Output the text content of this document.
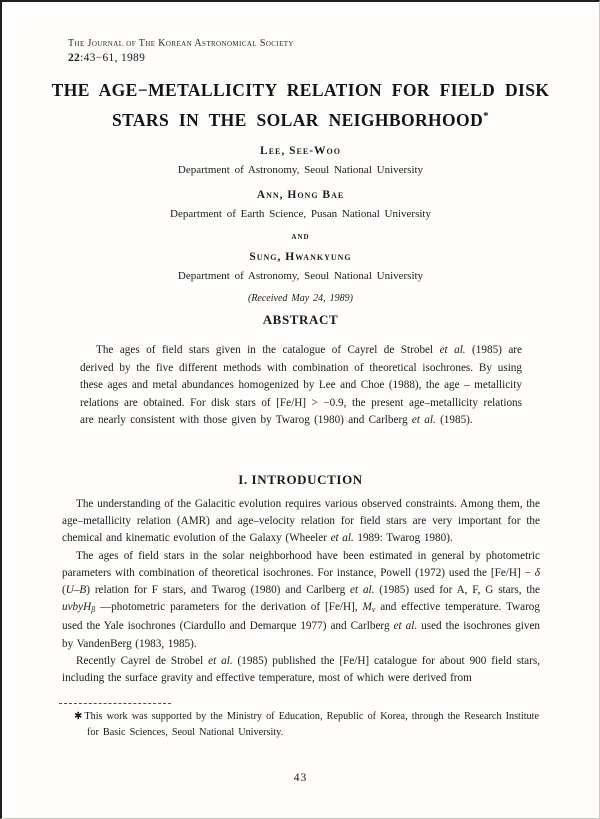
The Journal of The Korean Astronomical Society
22:43−61, 1989
THE AGE−METALLICITY RELATION FOR FIELD DISK
STARS IN THE SOLAR NEIGHBORHOOD*
Lee, See-Woo
Department of Astronomy, Seoul National University
Ann, Hong Bae
Department of Earth Science, Pusan National University
and
Sung, Hwankyung
Department of Astronomy, Seoul National University
(Received May 24, 1989)
ABSTRACT
The ages of field stars given in the catalogue of Cayrel de Strobel et al. (1985) are derived by the five different methods with combination of theoretical isochrones. By using these ages and metal abundances homogenized by Lee and Choe (1988), the age – metallicity relations are obtained. For disk stars of [Fe/H] > −0.9, the present age–metallicity relations are nearly consistent with those given by Twarog (1980) and Carlberg et al. (1985).
I. INTRODUCTION

The understanding of the Galacitic evolution requires various observed constraints. Among them, the age–metallicity relation (AMR) and age–velocity relation for field stars are very important for the chemical and kinematic evolution of the Galaxy (Wheeler et al. 1989: Twarog 1980).

The ages of field stars in the solar neighborhood have been estimated in general by photometric parameters with combination of theoretical isochrones. For instance, Powell (1972) used the [Fe/H] − δ (U–B) relation for F stars, and Twarog (1980) and Carlberg et al. (1985) used for A, F, G stars, the uvbyHβ —photometric parameters for the derivation of [Fe/H], Mv and effective temperature. Twarog used the Yale isochrones (Ciardullo and Demarque 1977) and Carlberg et al. used the isochrones given by VandenBerg (1983, 1985).

Recently Cayrel de Strobel et al. (1985) published the [Fe/H] catalogue for about 900 field stars, including the surface gravity and effective temperature, most of which were derived from

✱ This work was supported by the Ministry of Education, Republic of Korea, through the Research Institute for Basic Sciences, Seoul National University.
43
